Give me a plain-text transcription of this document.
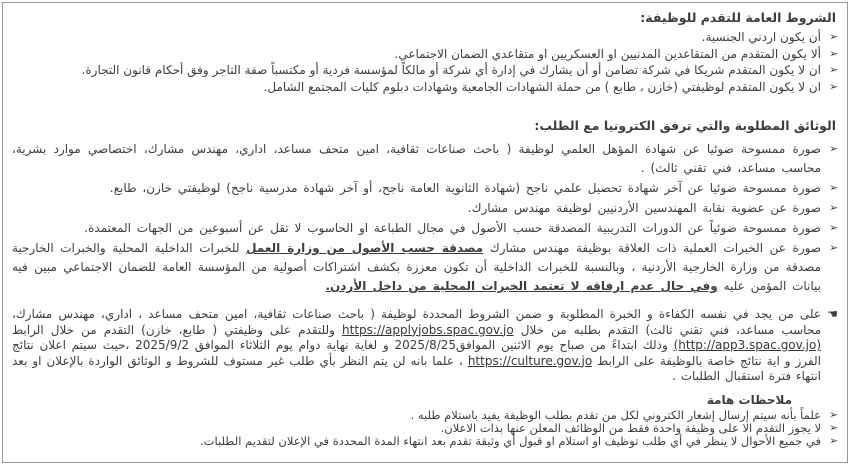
الشروط العامة للتقدم للوظيفة:
➢
أن يكون اردني الجنسية.
➢
ألا يكون المتقدم من المتقاعدين المدنيين او العسكريين او متقاعدي الضمان الاجتماعي.
➢
ان لا يكون المتقدم شريكا في شركة تضامن أو أن يشارك في إدارة أي شركة أو مالكاً لمؤسسة فردية أو مكتسباً صفة التاجر وفق أحكام قانون التجارة.
➢
ان لا يكون المتقدم لوظيفتي (خازن ، طابع ) من حملة الشهادات الجامعية وشهادات دبلوم كليات المجتمع الشامل.
الوثائق المطلوبة والتي ترفق الكترونيا مع الطلب:
➢
صورة ممسوحة ضوئيا عن شهادة المؤهل العلمي لوظيفة ( باحث صناعات ثقافية، امين متحف مساعد، اداري، مهندس مشارك، اختصاصي موارد بشرية، محاسب مساعد، فني تقني ثالث) .
➢
صورة ممسوحة ضوئيا عن آخر شهادة تحصيل علمي ناجح (شهادة الثانوية العامة ناجح، أو آخر شهادة مدرسية ناجح) لوظيفتي خازن، طابع.
➢
صورة عن عضوية نقابة المهندسين الأردنيين لوظيفة مهندس مشارك.
➢
صورة ممسوحة ضوئياً عن الدورات التدريبية المصدقة حسب الأصول في مجال الطباعة او الحاسوب لا تقل عن أسبوعين من الجهات المعتمدة.
➢
صورة عن الخبرات العملية ذات العلاقة بوظيفة مهندس مشارك مصدقة حسب الأصول من وزارة العمل للخبرات الداخلية المحلية والخبرات الخارجية مصدقة من وزارة الخارجية الأردنية ، وبالنسبة للخبرات الداخلية أن تكون معززة بكشف اشتراكات أصولية من المؤسسة العامة للضمان الاجتماعي مبين فيه بيانات المؤمن عليه وفي حال عدم ارفاقه لا تعتمد الخبرات المحلية من داخل الأردن.
☚
على من يجد في نفسه الكفاءة و الخبرة المطلوبة و ضمن الشروط المحددة لوظيفة ( باحث صناعات ثقافية، امين متحف مساعد ، اداري، مهندس مشارك، محاسب مساعد، فني تقني ثالث) التقدم بطلبه من خلال https://applyjobs.spac.gov.jo وللتقدم على وظيفتي ( طابع، خازن) التقدم من خلال الرابط (http://app3.spac.gov.jo) وذلك ابتداءً من صباح يوم الاثنين الموافق2025/8/25 و لغاية نهاية دوام يوم الثلاثاء الموافق 2025/9/2 ،حيث سيتم اعلان نتائج الفرز و اية نتائج خاصة بالوظيفة على الرابط https://culture.gov.jo ، علما بانه لن يتم النظر بأي طلب غير مستوف للشروط و الوثائق الواردة بالإعلان او بعد انتهاء فترة استقبال الطلبات .
ملاحظات هامة
➢
علماً بأنه سيتم إرسال إشعار الكتروني لكل من تقدم بطلب الوظيفة يفيد باستلام طلبه .
➢
لا يجوز التقدم الا على وظيفة واحدة فقط من الوظائف المعلن عنها بذات الاعلان.
➢
في جميع الأحوال لا ينظر في أي طلب توظيف او استلام او قبول أي وثيقة تقدم بعد انتهاء المدة المحددة في الإعلان لتقديم الطلبات.
